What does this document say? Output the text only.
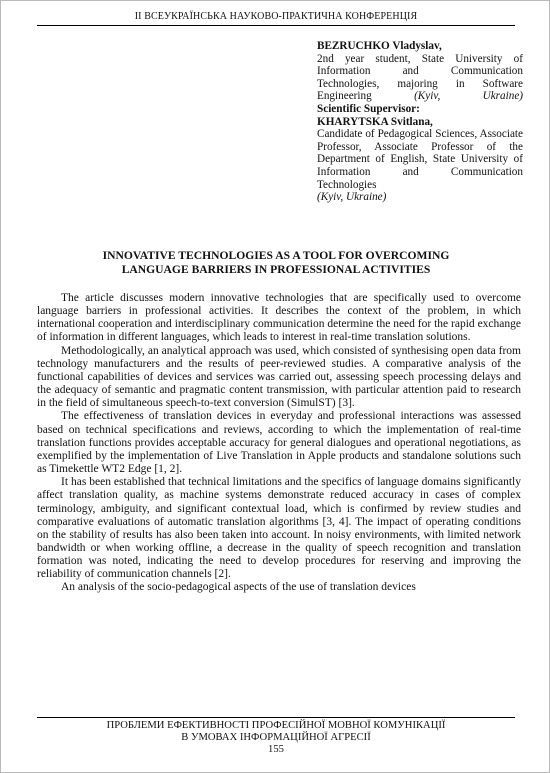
II ВСЕУКРАЇНСЬКА НАУКОВО-ПРАКТИЧНА КОНФЕРЕНЦІЯ
BEZRUCHKO Vladyslav,
2nd year student, State University of Information and Communication Technologies, majoring in Software Engineering	(Kyiv, Ukraine)
Scientific Supervisor:
KHARYTSKA Svitlana,
Candidate of Pedagogical Sciences, Associate Professor, Associate Professor of the Department of English, State University of Information and Communication Technologies
(Kyiv, Ukraine)
INNOVATIVE TECHNOLOGIES AS A TOOL FOR OVERCOMING
LANGUAGE BARRIERS IN PROFESSIONAL ACTIVITIES

The article discusses modern innovative technologies that are specifically used to overcome language barriers in professional activities. It describes the context of the problem, in which international cooperation and interdisciplinary communication determine the need for the rapid exchange of information in different languages, which leads to interest in real-time translation solutions.

Methodologically, an analytical approach was used, which consisted of synthesising open data from technology manufacturers and the results of peer-reviewed studies. A comparative analysis of the functional capabilities of devices and services was carried out, assessing speech processing delays and the adequacy of semantic and pragmatic content transmission, with particular attention paid to research in the field of simultaneous speech-to-text conversion (SimulST) [3].

The effectiveness of translation devices in everyday and professional interactions was assessed based on technical specifications and reviews, according to which the implementation of real-time translation functions provides acceptable accuracy for general dialogues and operational negotiations, as exemplified by the implementation of Live Translation in Apple products and standalone solutions such as Timekettle WT2 Edge [1, 2].

It has been established that technical limitations and the specifics of language domains significantly affect translation quality, as machine systems demonstrate reduced accuracy in cases of complex terminology, ambiguity, and significant contextual load, which is confirmed by review studies and comparative evaluations of automatic translation algorithms [3, 4]. The impact of operating conditions on the stability of results has also been taken into account. In noisy environments, with limited network bandwidth or when working offline, a decrease in the quality of speech recognition and translation formation was noted, indicating the need to develop procedures for reserving and improving the reliability of communication channels [2].

An analysis of the socio-pedagogical aspects of the use of translation devices

ПРОБЛЕМИ ЕФЕКТИВНОСТІ ПРОФЕСІЙНОЇ МОВНОЇ КОМУНІКАЦІЇ
В УМОВАХ ІНФОРМАЦІЙНОЇ АГРЕСІЇ
155
